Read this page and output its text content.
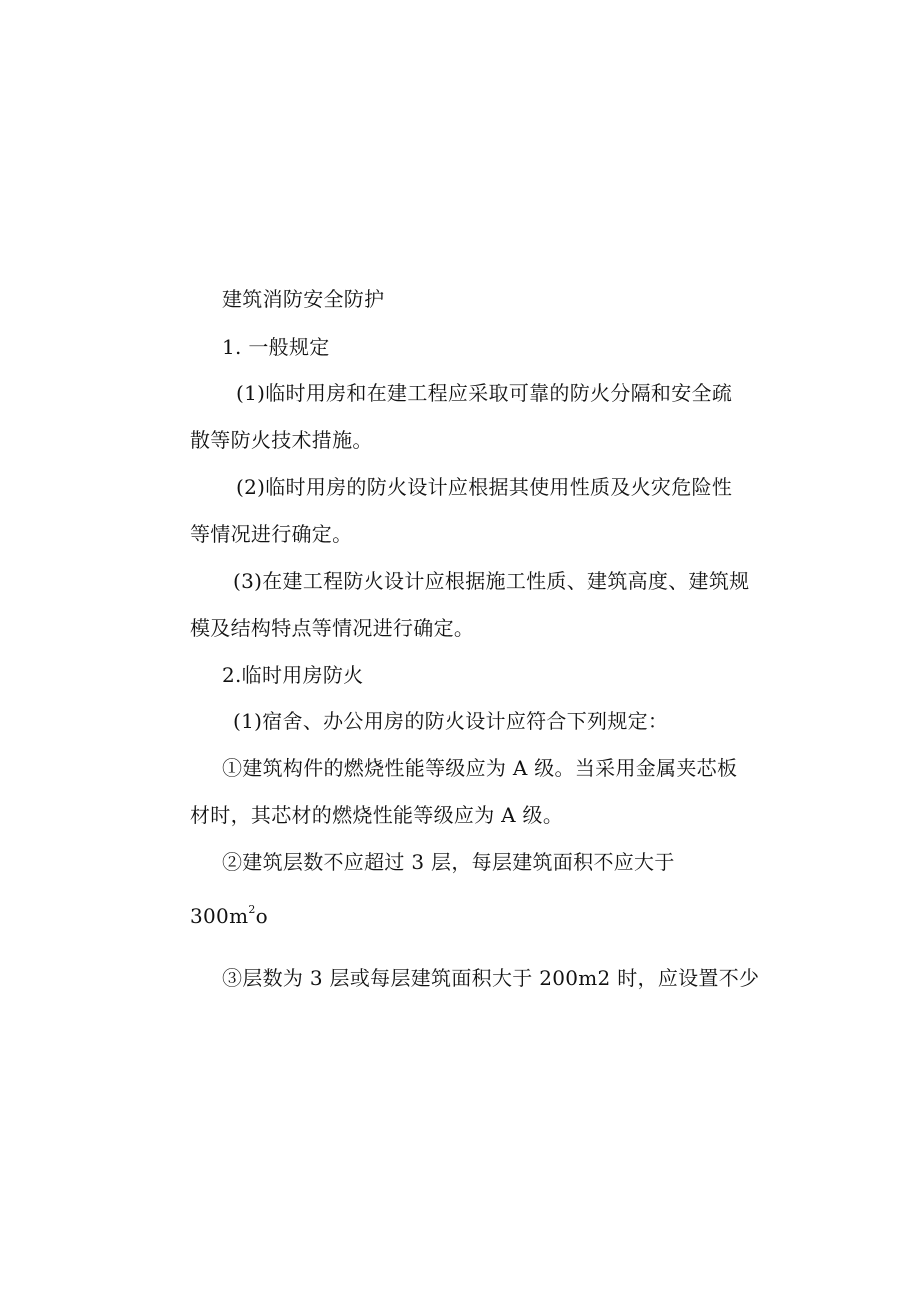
建筑消防安全防护
1. 一般规定
(1)临时用房和在建工程应采取可靠的防火分隔和安全疏
散等防火技术措施。
(2)临时用房的防火设计应根据其使用性质及火灾危险性
等情况进行确定。
(3)在建工程防火设计应根据施工性质、建筑高度、建筑规
模及结构特点等情况进行确定。
2.临时用房防火
(1)宿舍、办公用房的防火设计应符合下列规定：
①建筑构件的燃烧性能等级应为 A 级。当采用金属夹芯板
材时，其芯材的燃烧性能等级应为 A 级。
②建筑层数不应超过 3 层，每层建筑面积不应大于
$300m^2o$
③层数为 3 层或每层建筑面积大于 200m2 时，应设置不少
